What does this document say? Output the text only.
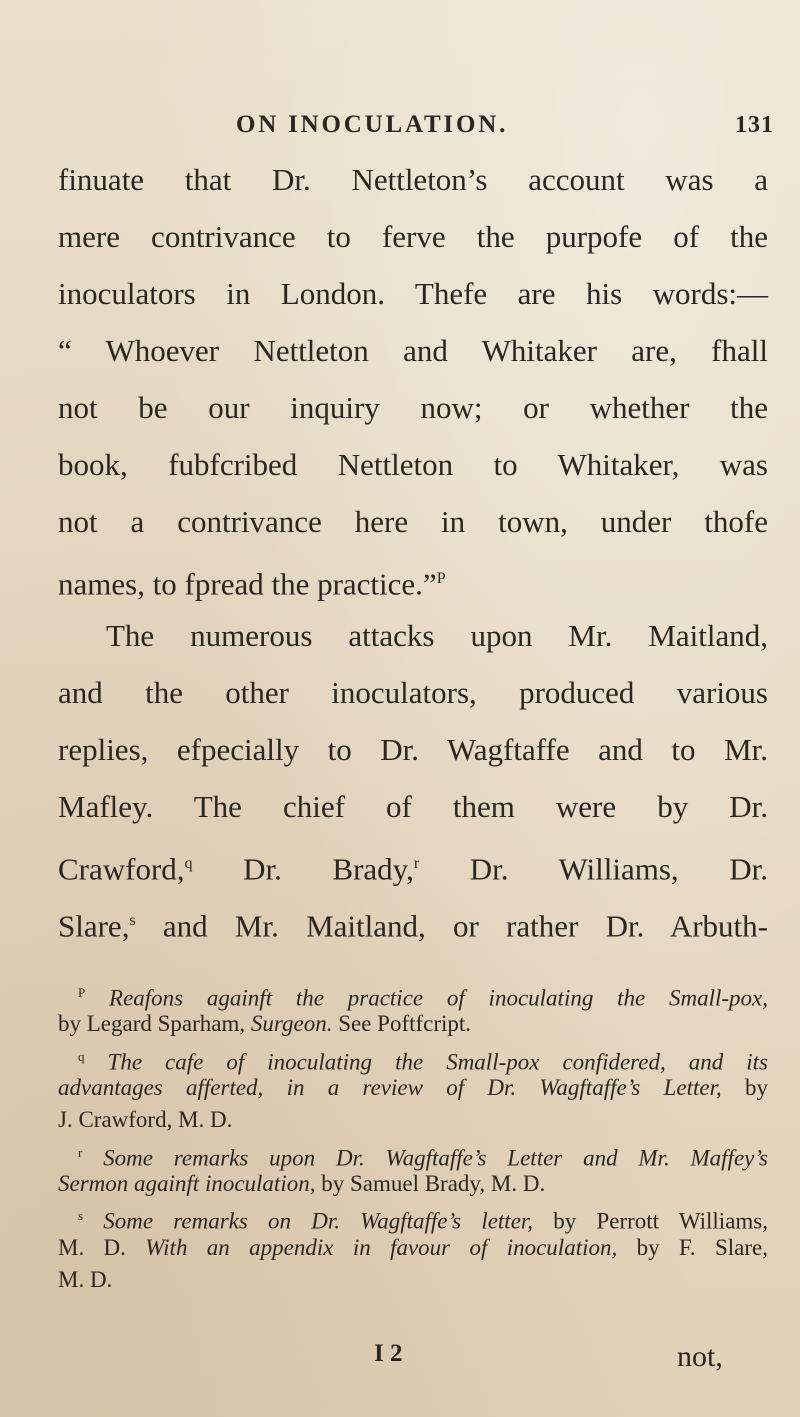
ON INOCULATION.	131
finuate that Dr. Nettleton’s account was a
mere contrivance to ferve the purpofe of the
inoculators in London. Thefe are his words:—
“ Whoever Nettleton and Whitaker are, fhall
not be our inquiry now; or whether the
book, fubfcribed Nettleton to Whitaker, was
not a contrivance here in town, under thofe
names, to fpread the practice.”$^P$
The numerous attacks upon Mr. Maitland,
and the other inoculators, produced various
replies, efpecially to Dr. Wagftaffe and to Mr.
Mafley. The chief of them were by Dr.
Crawford,$^q$ Dr. Brady,$^r$ Dr. Williams, Dr.
Slare,$^s$ and Mr. Maitland, or rather Dr. Arbuth-
$^P$ Reafons againft the practice of inoculating the Small-pox,
by Legard Sparham, Surgeon. See Poftfcript.
$^q$ The cafe of inoculating the Small-pox confidered, and its
advantages afferted, in a review of Dr. Wagftaffe’s Letter, by
J. Crawford, M. D.
$^r$ Some remarks upon Dr. Wagftaffe’s Letter and Mr. Maffey’s
Sermon againft inoculation, by Samuel Brady, M. D.
$^s$ Some remarks on Dr. Wagftaffe’s letter, by Perrott Williams,
M. D. With an appendix in favour of inoculation, by F. Slare,
M. D.
I 2	not,
